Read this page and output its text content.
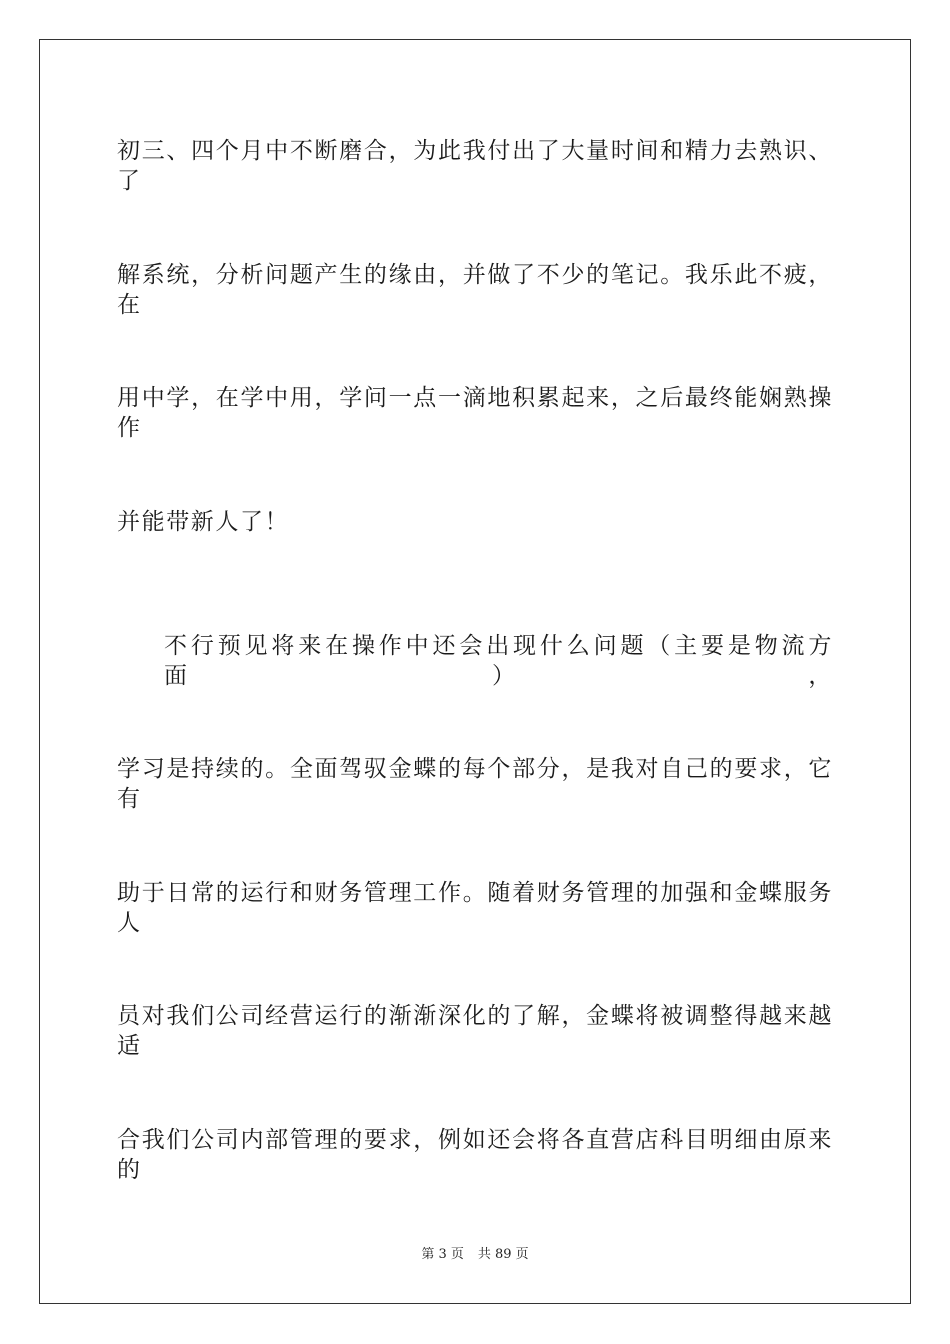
初三、四个月中不断磨合，为此我付出了大量时间和精力去熟识、了
解系统，分析问题产生的缘由，并做了不少的笔记。我乐此不疲，在
用中学，在学中用，学问一点一滴地积累起来，之后最终能娴熟操作
并能带新人了！
不行预见将来在操作中还会出现什么问题（主要是物流方面），
学习是持续的。全面驾驭金蝶的每个部分，是我对自己的要求，它有
助于日常的运行和财务管理工作。随着财务管理的加强和金蝶服务人
员对我们公司经营运行的渐渐深化的了解，金蝶将被调整得越来越适
合我们公司内部管理的要求，例如还会将各直营店科目明细由原来的
第 3 页 共 89 页
